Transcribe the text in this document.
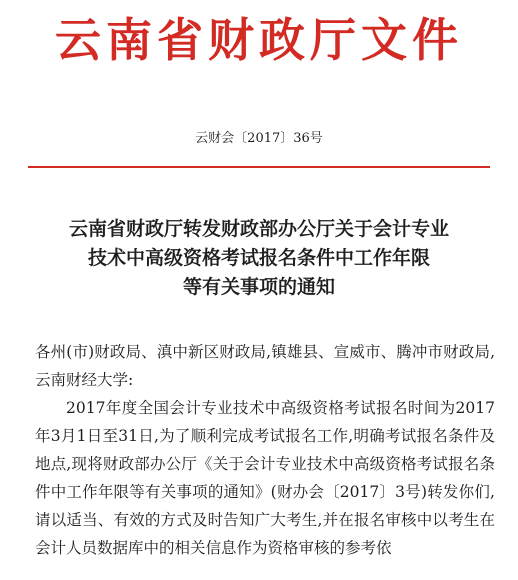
云南省财政厅文件
云财会〔2017〕36号
云南省财政厅转发财政部办公厅关于会计专业
技术中高级资格考试报名条件中工作年限
等有关事项的通知

各州(市)财政局、滇中新区财政局,镇雄县、宣威市、腾冲市财政局,云南财经大学:

2017年度全国会计专业技术中高级资格考试报名时间为2017年3月1日至31日,为了顺利完成考试报名工作,明确考试报名条件及地点,现将财政部办公厅《关于会计专业技术中高级资格考试报名条件中工作年限等有关事项的通知》(财办会〔2017〕3号)转发你们,请以适当、有效的方式及时告知广大考生,并在报名审核中以考生在会计人员数据库中的相关信息作为资格审核的参考依
